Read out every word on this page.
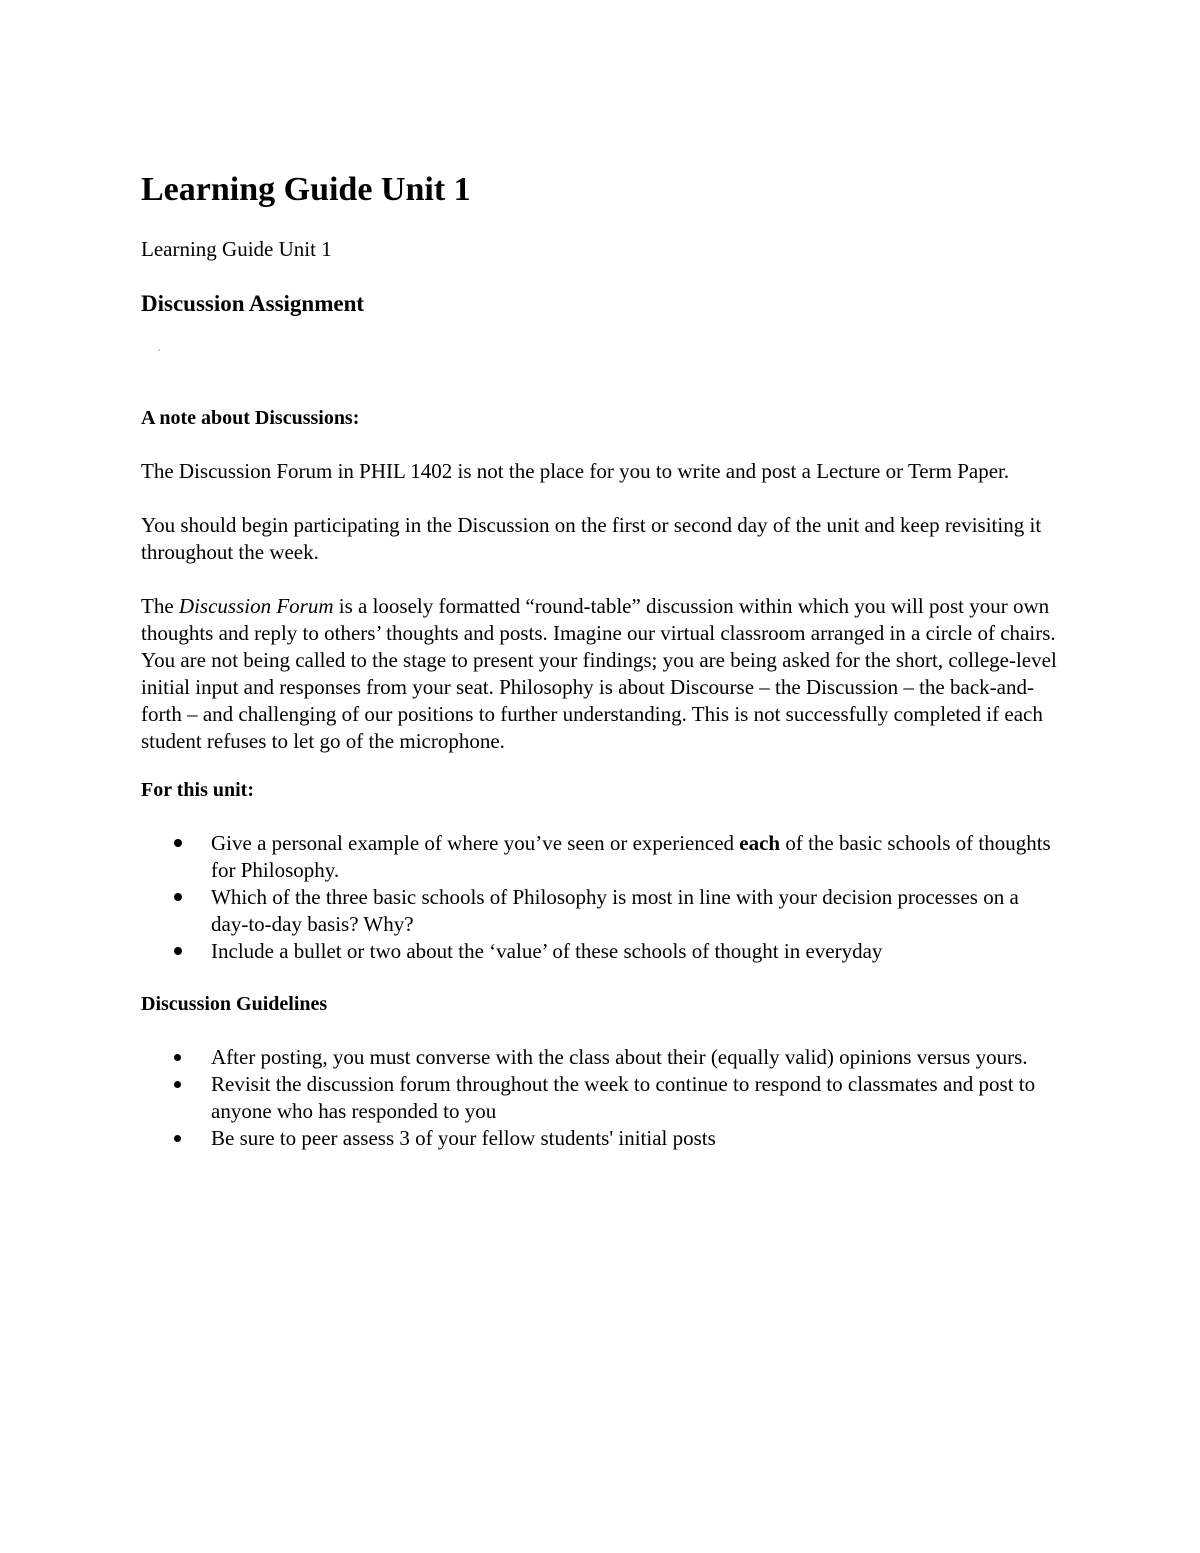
Learning Guide Unit 1
Learning Guide Unit 1
Discussion Assignment
A note about Discussions:

The Discussion Forum in PHIL 1402 is not the place for you to write and post a Lecture or Term Paper.

You should begin participating in the Discussion on the first or second day of the unit and keep revisiting it throughout the week.

The Discussion Forum is a loosely formatted “round-table” discussion within which you will post your own thoughts and reply to others’ thoughts and posts. Imagine our virtual classroom arranged in a circle of chairs. You are not being called to the stage to present your findings; you are being asked for the short, college-level initial input and responses from your seat. Philosophy is about Discourse – the Discussion – the back-and-forth – and challenging of our positions to further understanding. This is not successfully completed if each student refuses to let go of the microphone.

For this unit:
Give a personal example of where you’ve seen or experienced each of the basic schools of thoughts for Philosophy.
Which of the three basic schools of Philosophy is most in line with your decision processes on a day-to-day basis? Why?
Include a bullet or two about the ‘value’ of these schools of thought in everyday
Discussion Guidelines
After posting, you must converse with the class about their (equally valid) opinions versus yours.
Revisit the discussion forum throughout the week to continue to respond to classmates and post to anyone who has responded to you
Be sure to peer assess 3 of your fellow students' initial posts
